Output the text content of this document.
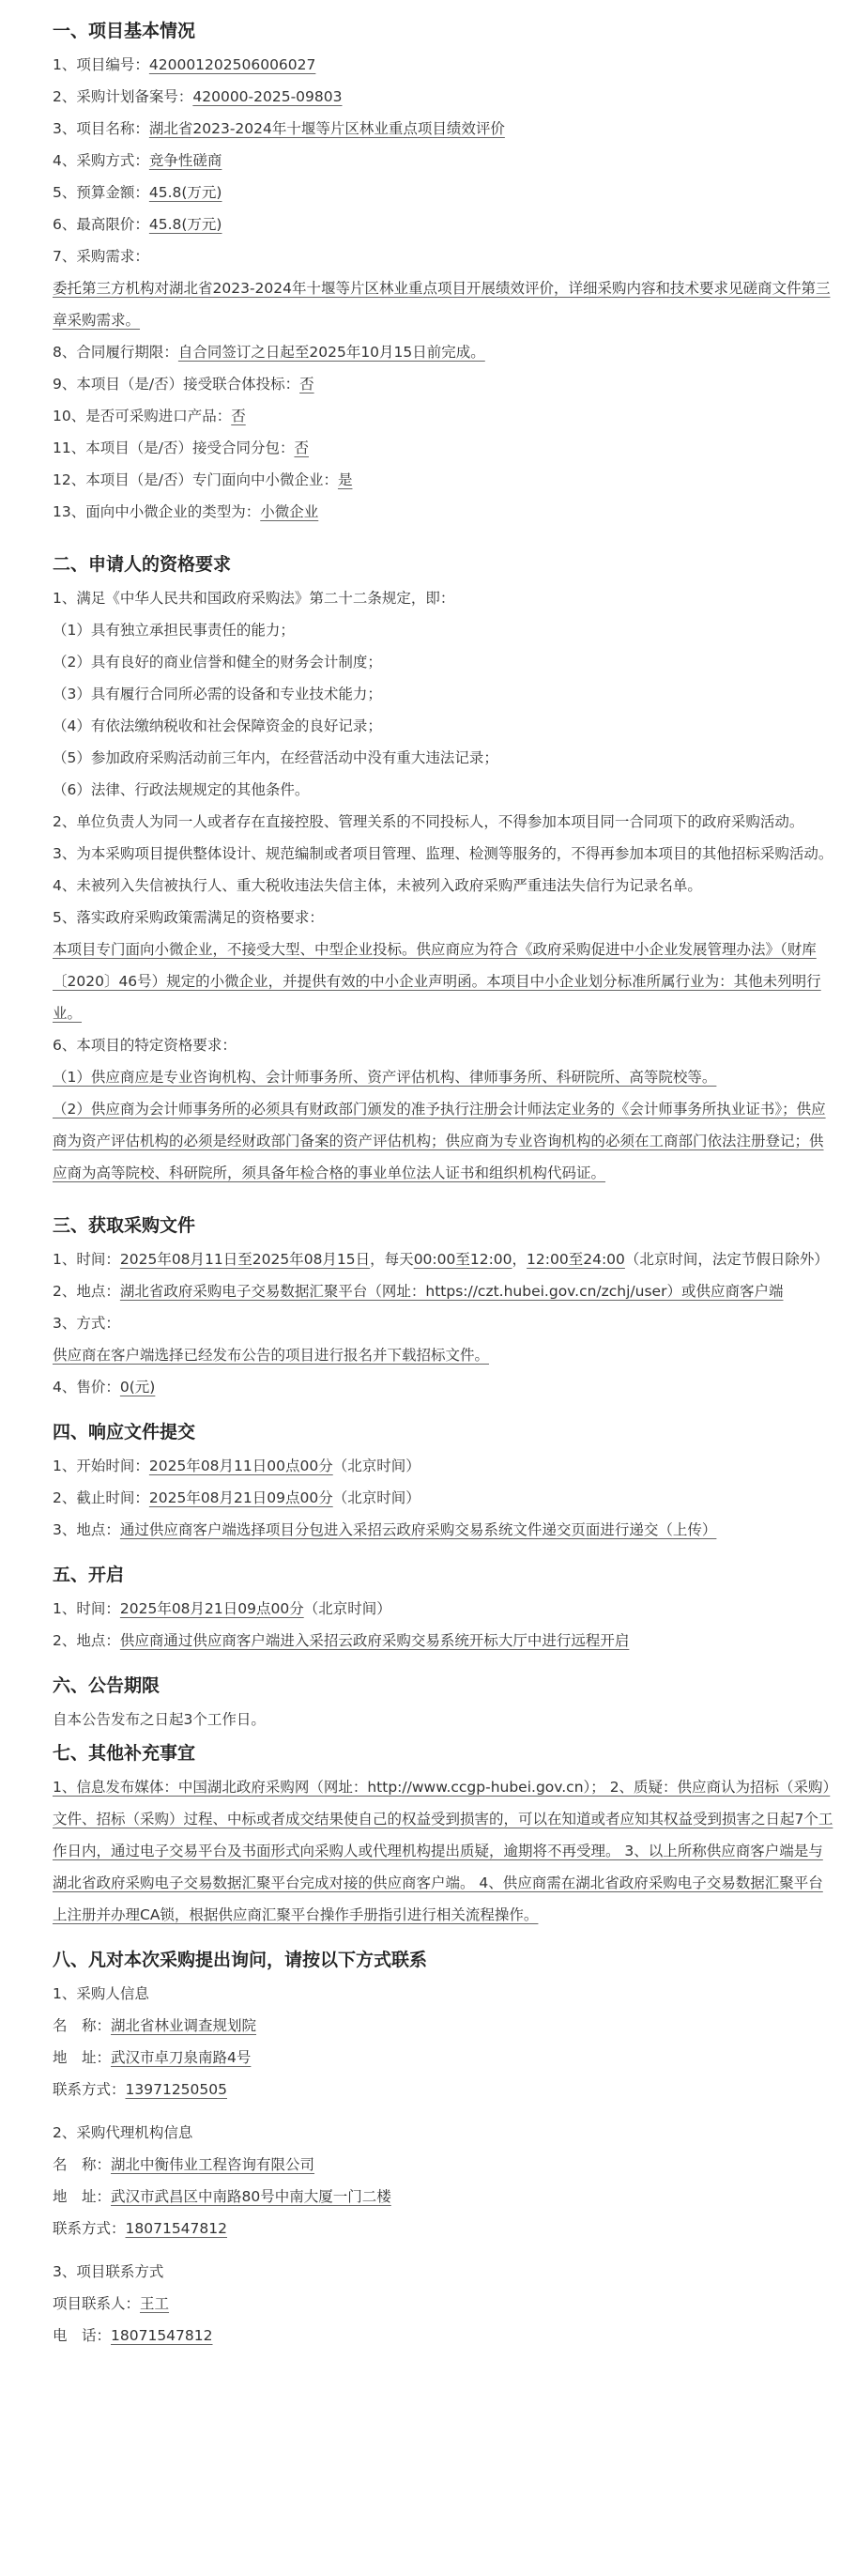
一、项目基本情况
1、项目编号：420001202506006027
2、采购计划备案号：420000-2025-09803
3、项目名称：湖北省2023-2024年十堰等片区林业重点项目绩效评价
4、采购方式：竞争性磋商
5、预算金额：45.8(万元)
6、最高限价：45.8(万元)
7、采购需求：
委托第三方机构对湖北省2023-2024年十堰等片区林业重点项目开展绩效评价，详细采购内容和技术要求见磋商文件第三章采购需求。
8、合同履行期限：自合同签订之日起至2025年10月15日前完成。
9、本项目（是/否）接受联合体投标：否
10、是否可采购进口产品：否
11、本项目（是/否）接受合同分包：否
12、本项目（是/否）专门面向中小微企业：是
13、面向中小微企业的类型为：小微企业
二、申请人的资格要求
1、满足《中华人民共和国政府采购法》第二十二条规定，即：
（1）具有独立承担民事责任的能力；
（2）具有良好的商业信誉和健全的财务会计制度；
（3）具有履行合同所必需的设备和专业技术能力；
（4）有依法缴纳税收和社会保障资金的良好记录；
（5）参加政府采购活动前三年内，在经营活动中没有重大违法记录；
（6）法律、行政法规规定的其他条件。
2、单位负责人为同一人或者存在直接控股、管理关系的不同投标人，不得参加本项目同一合同项下的政府采购活动。
3、为本采购项目提供整体设计、规范编制或者项目管理、监理、检测等服务的，不得再参加本项目的其他招标采购活动。
4、未被列入失信被执行人、重大税收违法失信主体，未被列入政府采购严重违法失信行为记录名单。
5、落实政府采购政策需满足的资格要求：
本项目专门面向小微企业，不接受大型、中型企业投标。供应商应为符合《政府采购促进中小企业发展管理办法》（财库〔2020〕46号）规定的小微企业，并提供有效的中小企业声明函。本项目中小企业划分标准所属行业为：其他未列明行业。
6、本项目的特定资格要求：
（1）供应商应是专业咨询机构、会计师事务所、资产评估机构、律师事务所、科研院所、高等院校等。
（2）供应商为会计师事务所的必须具有财政部门颁发的准予执行注册会计师法定业务的《会计师事务所执业证书》；供应商为资产评估机构的必须是经财政部门备案的资产评估机构；供应商为专业咨询机构的必须在工商部门依法注册登记；供应商为高等院校、科研院所，须具备年检合格的事业单位法人证书和组织机构代码证。
三、获取采购文件
1、时间：2025年08月11日至2025年08月15日，每天00:00至12:00，12:00至24:00（北京时间，法定节假日除外）
2、地点：湖北省政府采购电子交易数据汇聚平台（网址：https://czt.hubei.gov.cn/zchj/user）或供应商客户端
3、方式：
供应商在客户端选择已经发布公告的项目进行报名并下载招标文件。
4、售价：0(元)
四、响应文件提交
1、开始时间：2025年08月11日00点00分（北京时间）
2、截止时间：2025年08月21日09点00分（北京时间）
3、地点：通过供应商客户端选择项目分包进入采招云政府采购交易系统文件递交页面进行递交（上传）
五、开启
1、时间：2025年08月21日09点00分（北京时间）
2、地点：供应商通过供应商客户端进入采招云政府采购交易系统开标大厅中进行远程开启
六、公告期限
自本公告发布之日起3个工作日。
七、其他补充事宜
1、信息发布媒体：中国湖北政府采购网（网址：http://www.ccgp-hubei.gov.cn）； 2、质疑：供应商认为招标（采购）文件、招标（采购）过程、中标或者成交结果使自己的权益受到损害的，可以在知道或者应知其权益受到损害之日起7个工作日内，通过电子交易平台及书面形式向采购人或代理机构提出质疑，逾期将不再受理。 3、以上所称供应商客户端是与湖北省政府采购电子交易数据汇聚平台完成对接的供应商客户端。 4、供应商需在湖北省政府采购电子交易数据汇聚平台上注册并办理CA锁，根据供应商汇聚平台操作手册指引进行相关流程操作。
八、凡对本次采购提出询问，请按以下方式联系
1、采购人信息
名　称：湖北省林业调查规划院
地　址：武汉市卓刀泉南路4号
联系方式：13971250505
2、采购代理机构信息
名　称：湖北中衡伟业工程咨询有限公司
地　址：武汉市武昌区中南路80号中南大厦一门二楼
联系方式：18071547812
3、项目联系方式
项目联系人：王工
电　话：18071547812
